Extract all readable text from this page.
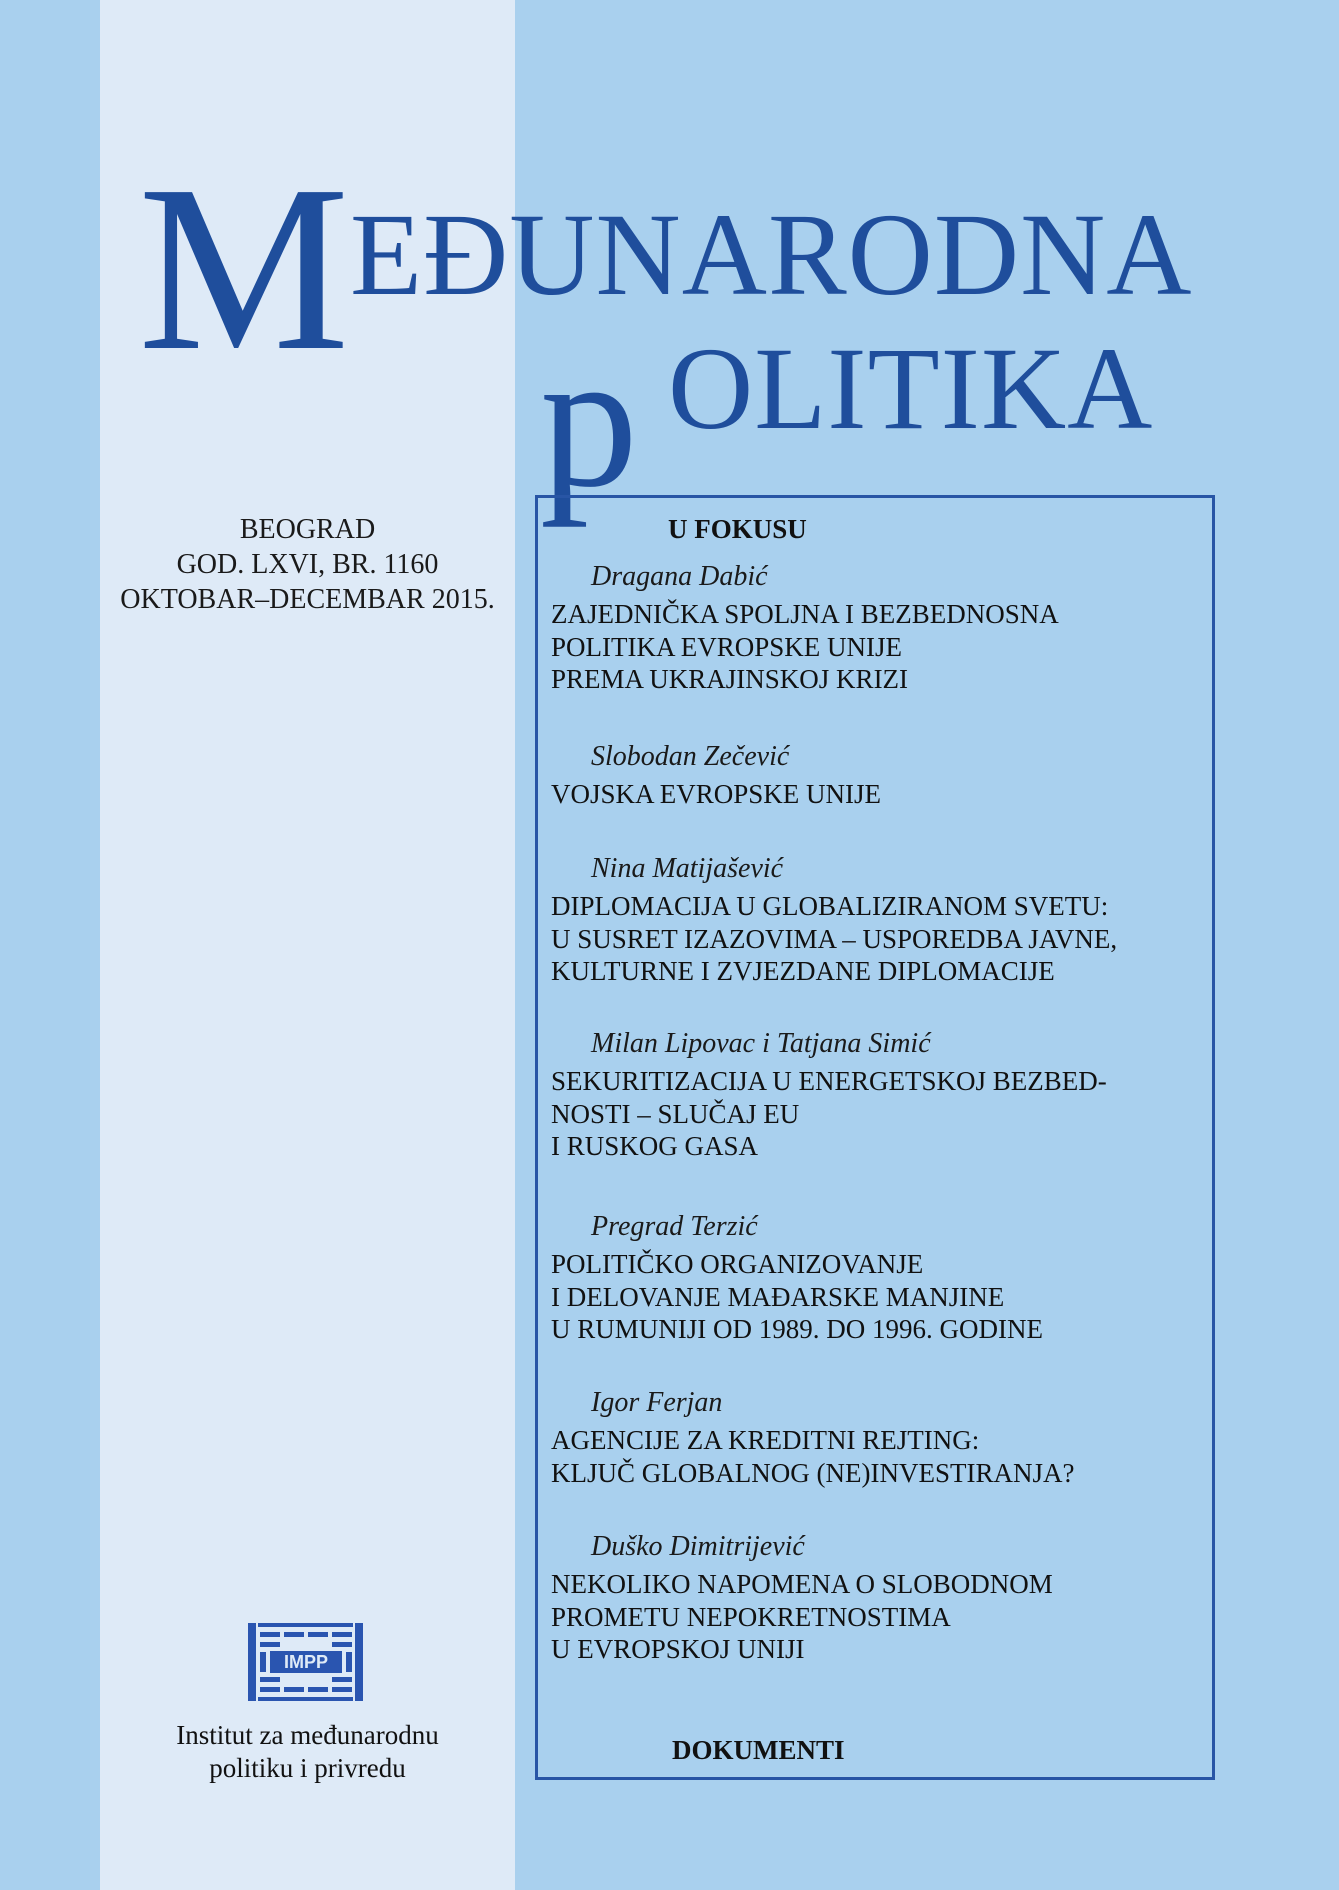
M EĐUNARODNA
p OLITIKA
BEOGRAD
GOD. LXVI, BR. 1160
OKTOBAR–DECEMBAR 2015.
U FOKUSU
Dragana Dabić
ZAJEDNIČKA SPOLJNA I BEZBEDNOSNA
POLITIKA EVROPSKE UNIJE
PREMA UKRAJINSKOJ KRIZI
Slobodan Zečević
VOJSKA EVROPSKE UNIJE
Nina Matijašević
DIPLOMACIJA U GLOBALIZIRANOM SVETU:
U SUSRET IZAZOVIMA – USPOREDBA JAVNE,
KULTURNE I ZVJEZDANE DIPLOMACIJE
Milan Lipovac i Tatjana Simić
SEKURITIZACIJA U ENERGETSKOJ BEZBED-
NOSTI – SLUČAJ EU
I RUSKOG GASA
Pregrad Terzić
POLITIČKO ORGANIZOVANJE
I DELOVANJE MAĐARSKE MANJINE
U RUMUNIJI OD 1989. DO 1996. GODINE
Igor Ferjan
AGENCIJE ZA KREDITNI REJTING:
KLJUČ GLOBALNOG (NE)INVESTIRANJA?
Duško Dimitrijević
NEKOLIKO NAPOMENA O SLOBODNOM
PROMETU NEPOKRETNOSTIMA
U EVROPSKOJ UNIJI
DOKUMENTI
IMPP
Institut za međunarodnu
politiku i privredu
